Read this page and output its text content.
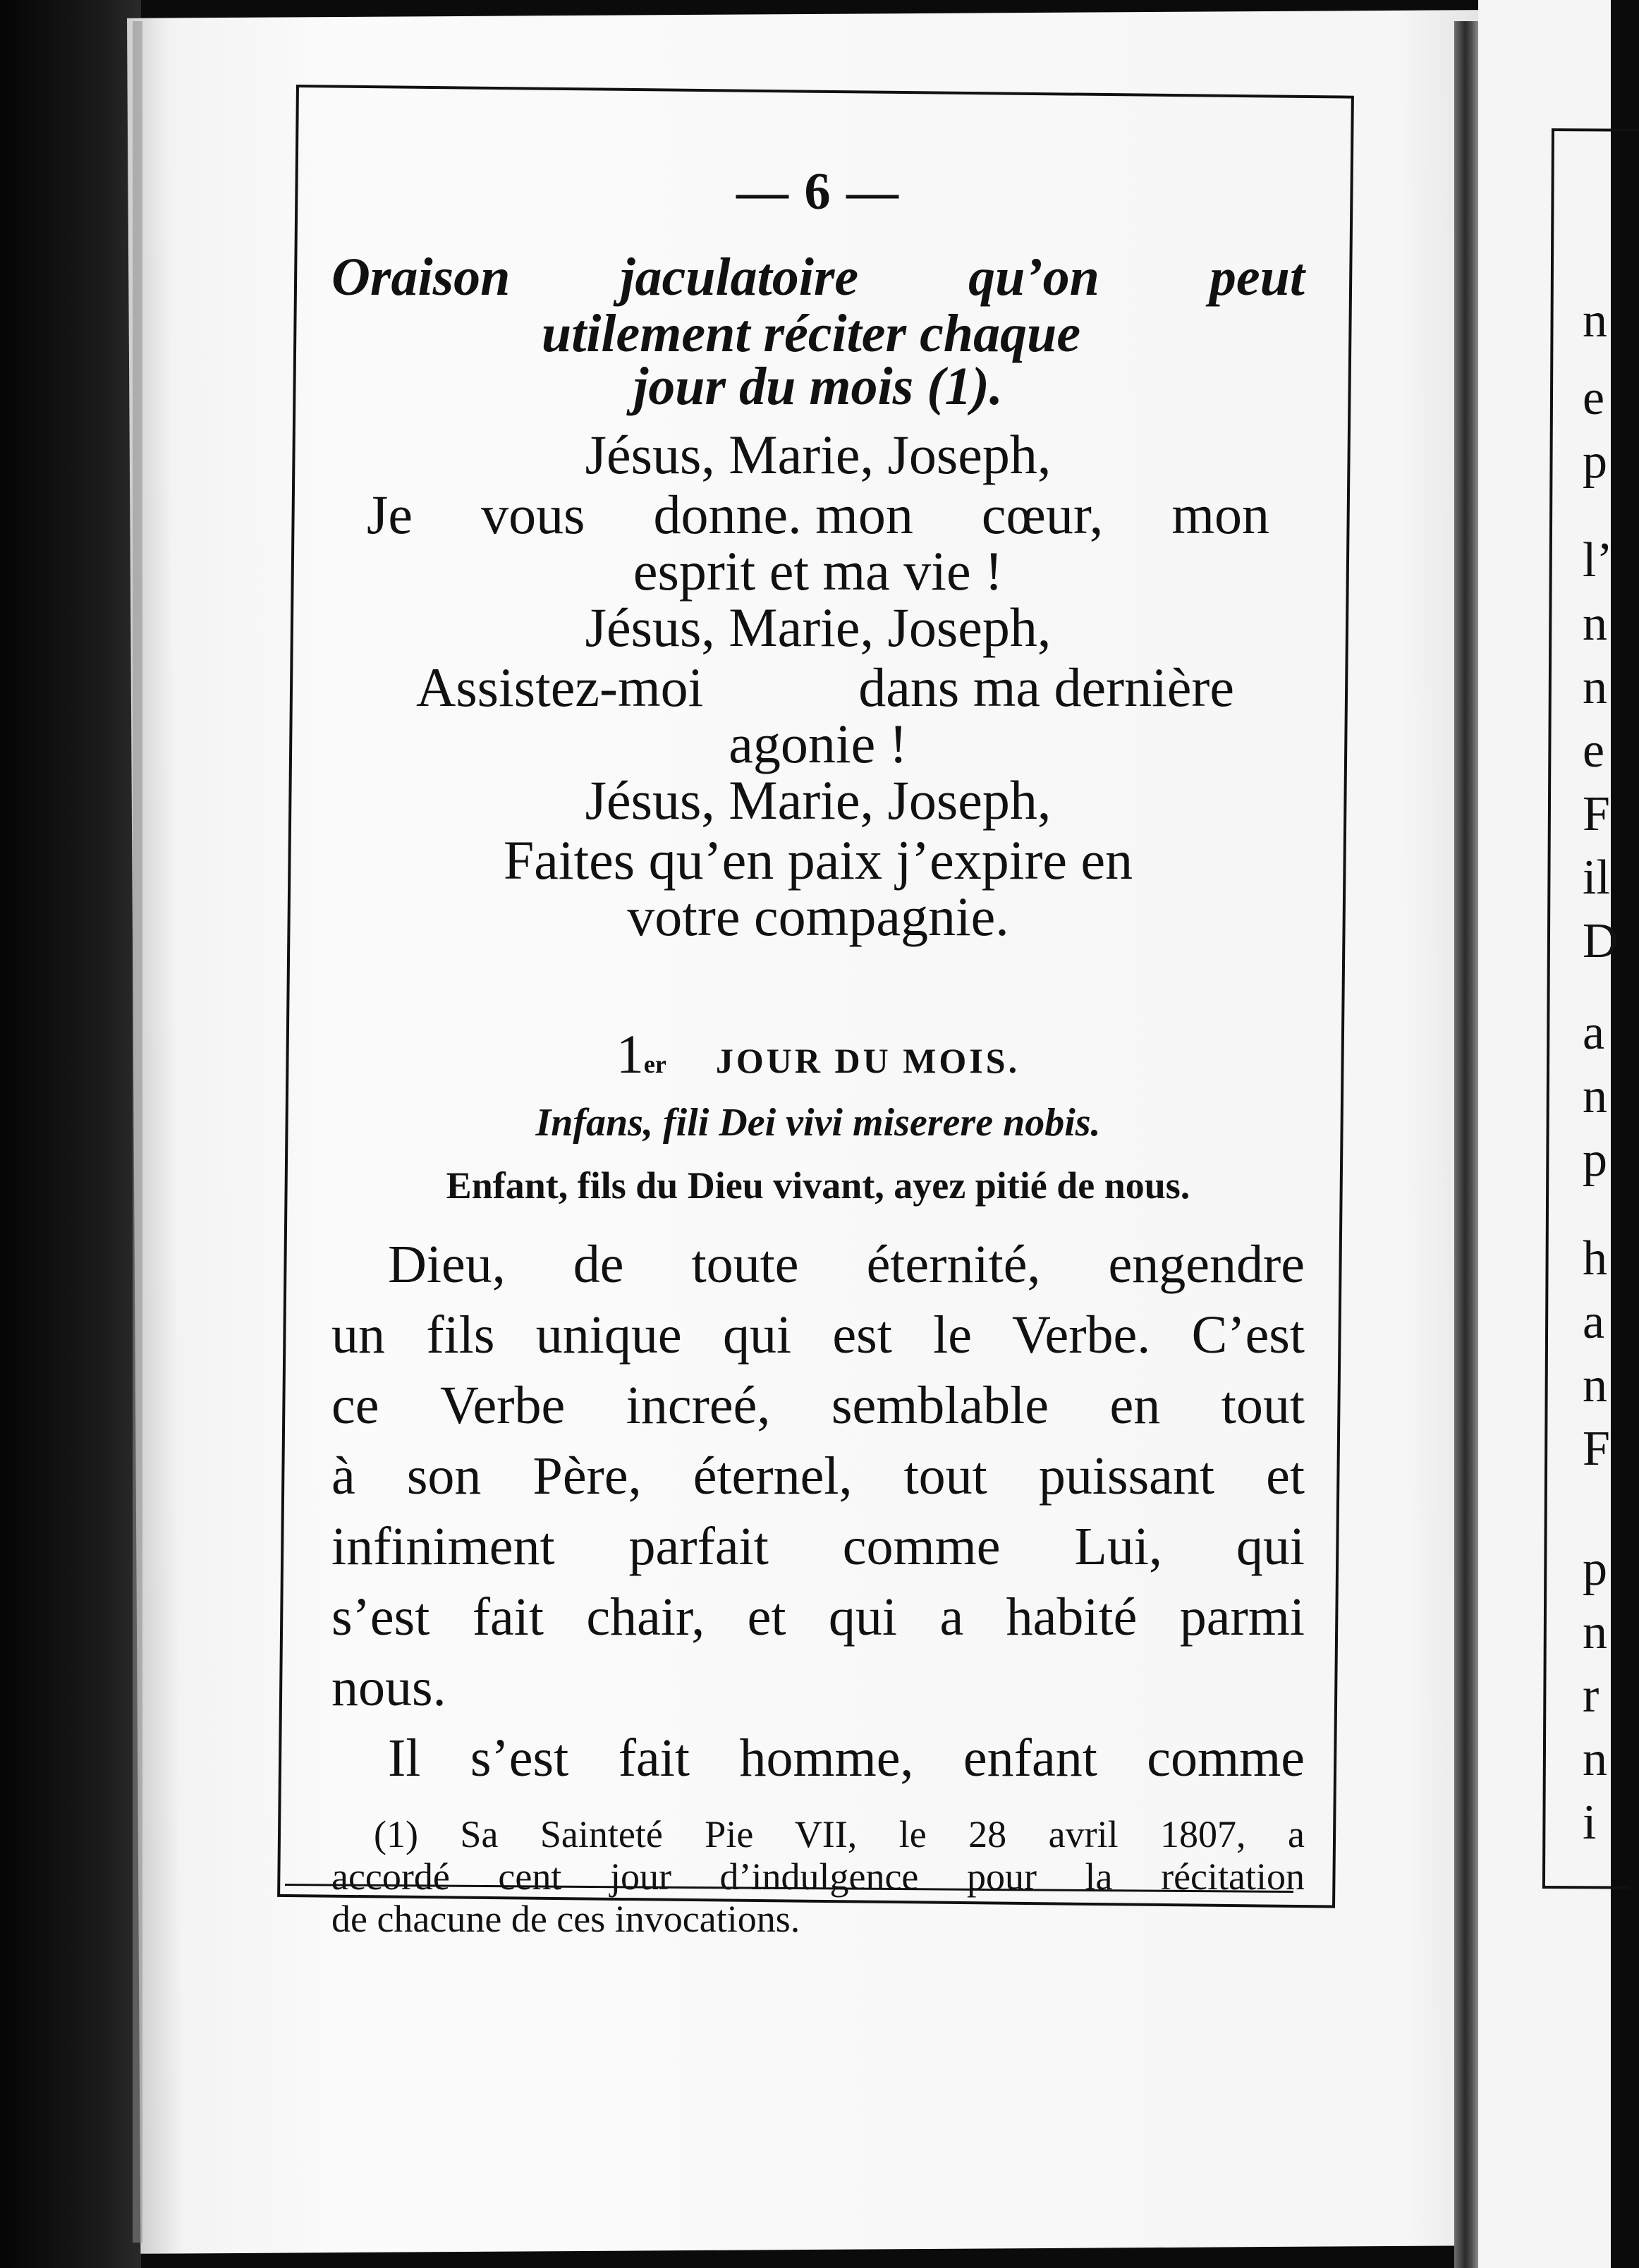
n
e
p
l’
n
n
e
F
il
D
a
n
p
h
a
n
F
p
n
r
n
i
— 6 —
Oraison jaculatoire qu’on peut
utilement réciter chaque
jour du mois (1).
Jésus, Marie, Joseph,
Je vous donne. mon cœur, mon
esprit et ma vie !
Jésus, Marie, Joseph,
Assistez-moi	dans ma dernière
agonie !
Jésus, Marie, Joseph,
Faites qu’en paix j’expire en
votre compagnie.
1 er JOUR DU MOIS.
Infans, fili Dei vivi miserere nobis.
Enfant, fils du Dieu vivant, ayez pitié de nous.
Dieu, de toute éternité, engendre
un fils unique qui est le Verbe. C’est
ce Verbe increé, semblable en tout
à son Père, éternel, tout puissant et
infiniment parfait comme Lui, qui
s’est fait chair, et qui a habité parmi
nous.
Il s’est fait homme, enfant comme
(1) Sa Sainteté Pie VII, le 28 avril 1807, a
accordé cent jour d’indulgence pour la récitation
de chacune de ces invocations.
